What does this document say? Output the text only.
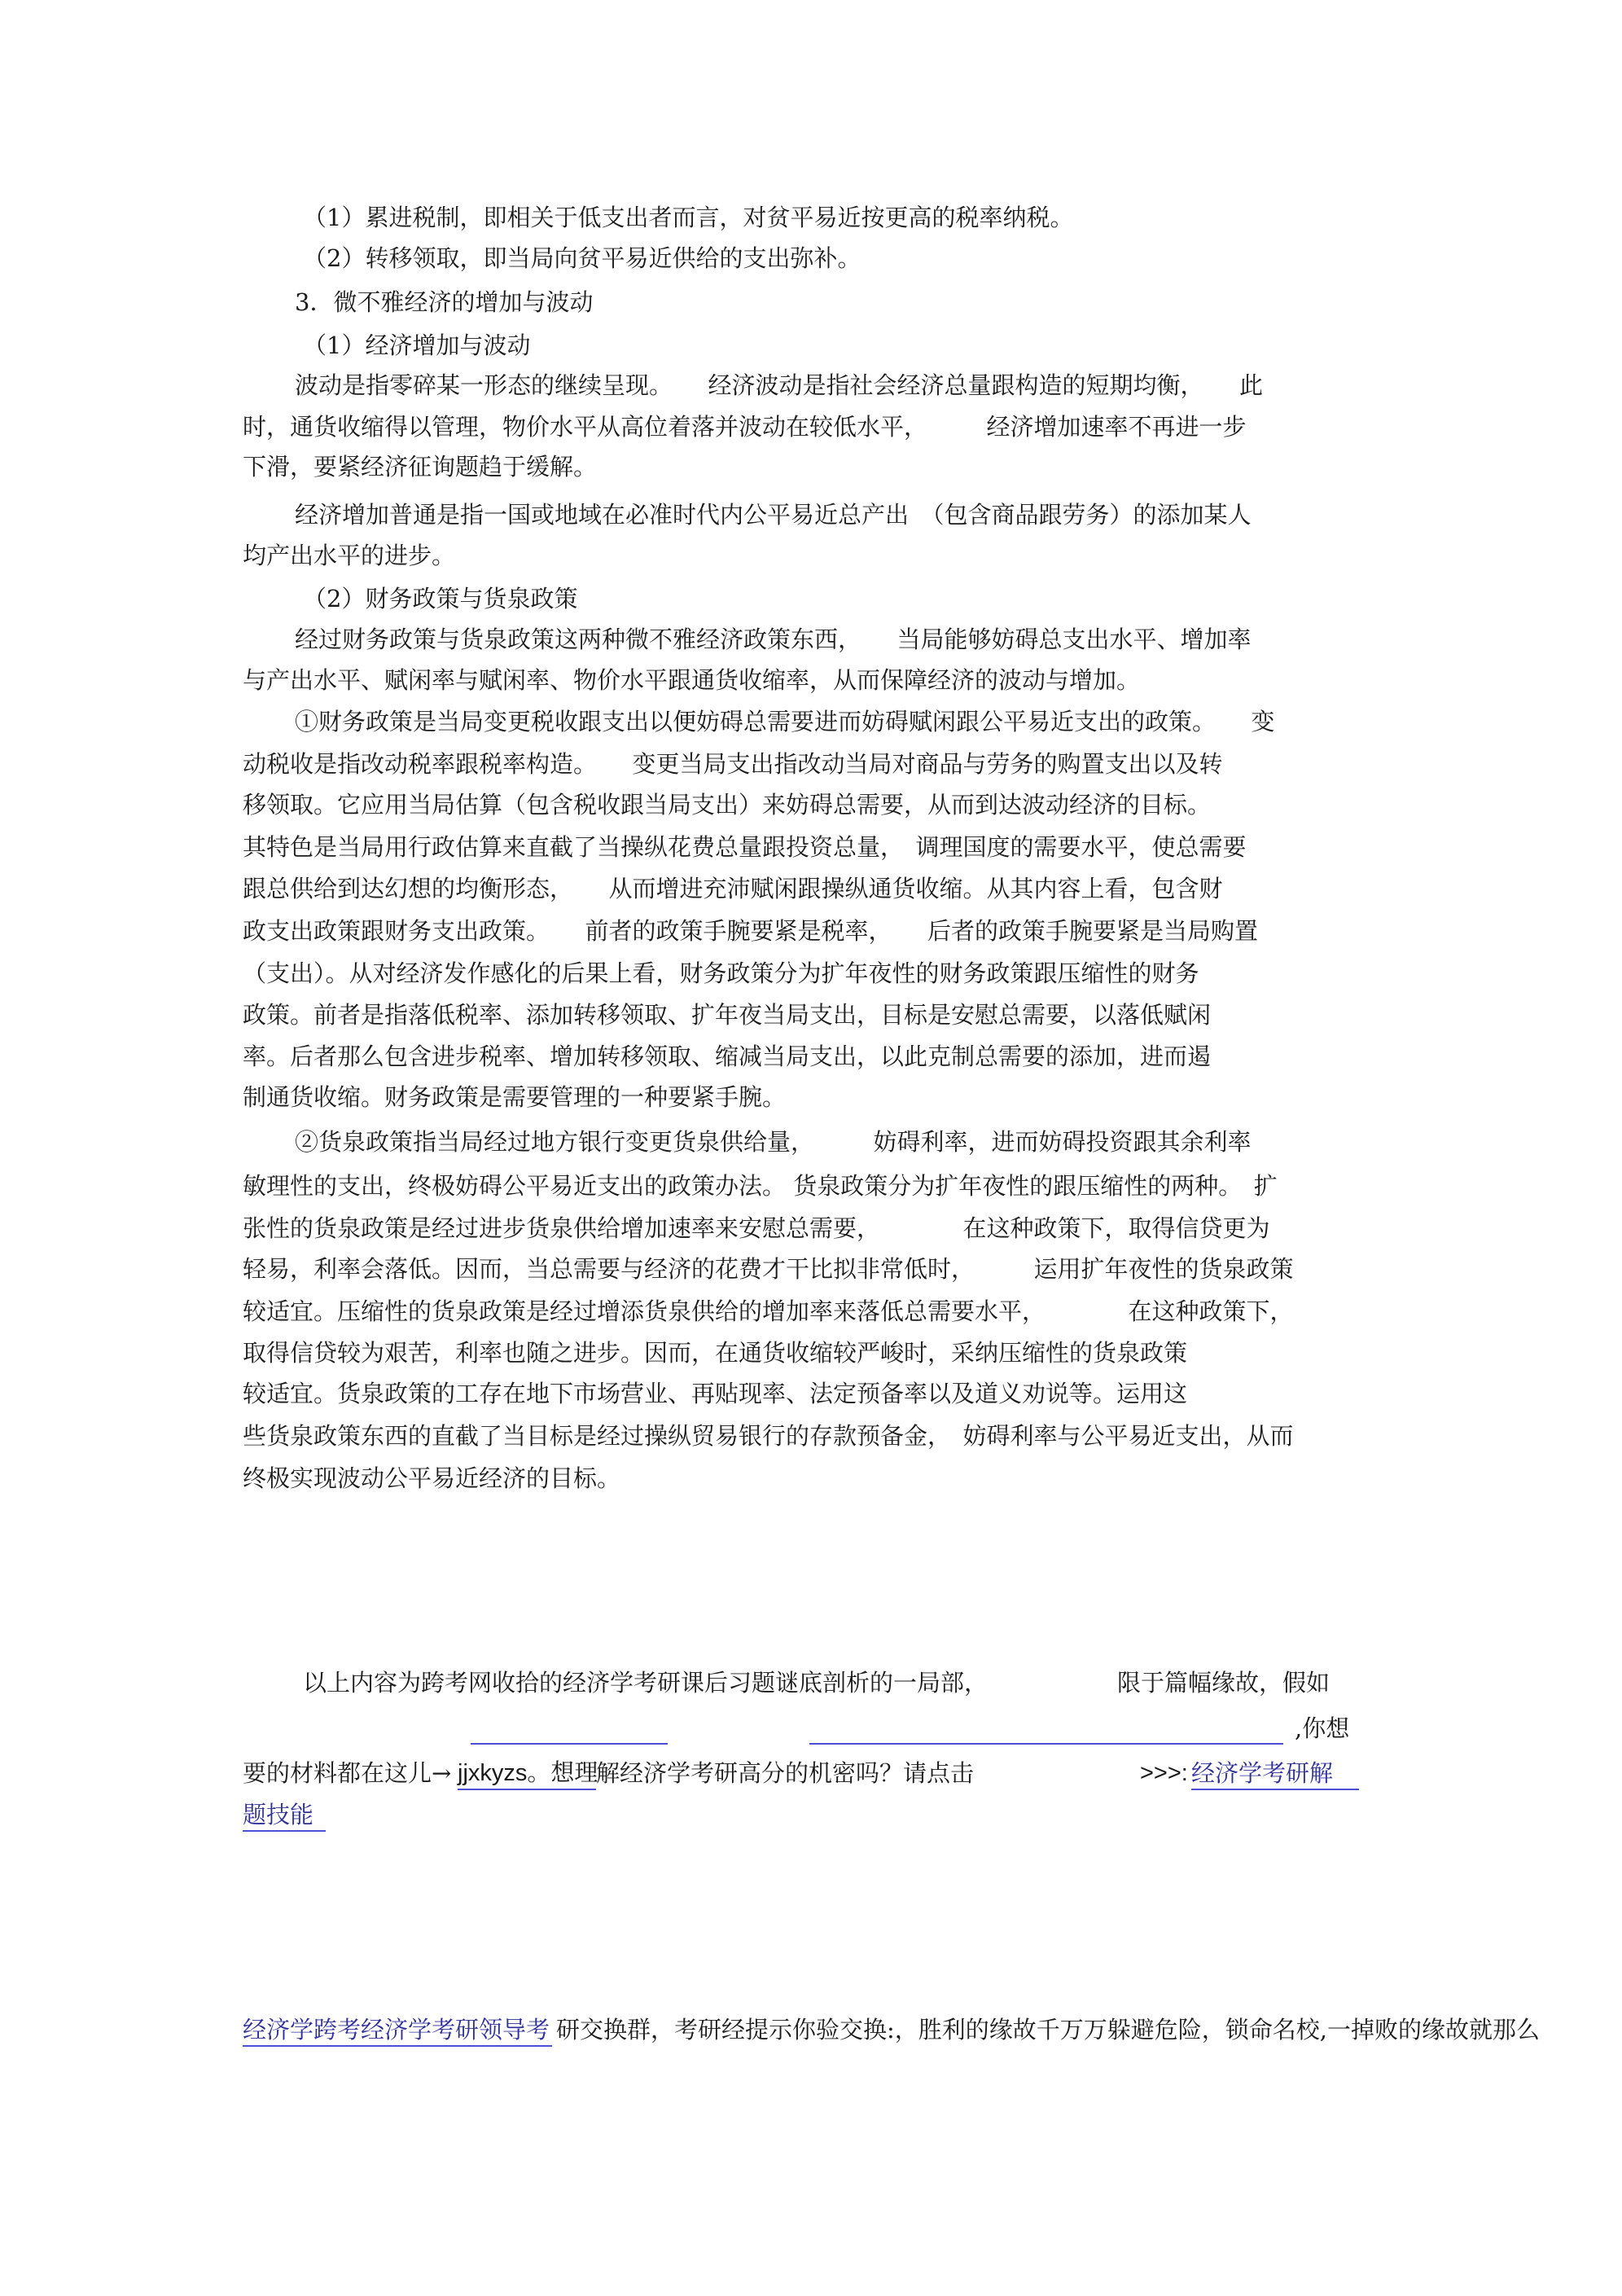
（1）累进税制，即相关于低支出者而言，对贫平易近按更高的税率纳税。
（2）转移领取，即当局向贫平易近供给的支出弥补。
3．微不雅经济的增加与波动
（1）经济增加与波动
波动是指零碎某一形态的继续呈现。　　经济波动是指社会经济总量跟构造的短期均衡，　　此
时，通货收缩得以管理，物价水平从高位着落并波动在较低水平，　　　经济增加速率不再进一步
下滑，要紧经济征询题趋于缓解。
经济增加普通是指一国或地域在必准时代内公平易近总产出　（包含商品跟劳务）的添加某人
均产出水平的进步。
（2）财务政策与货泉政策
经过财务政策与货泉政策这两种微不雅经济政策东西，　　当局能够妨碍总支出水平、增加率
与产出水平、赋闲率与赋闲率、物价水平跟通货收缩率，从而保障经济的波动与增加。
①财务政策是当局变更税收跟支出以便妨碍总需要进而妨碍赋闲跟公平易近支出的政策。　　变
动税收是指改动税率跟税率构造。　　变更当局支出指改动当局对商品与劳务的购置支出以及转
移领取。它应用当局估算（包含税收跟当局支出）来妨碍总需要，从而到达波动经济的目标。
其特色是当局用行政估算来直截了当操纵花费总量跟投资总量，　调理国度的需要水平，使总需要
跟总供给到达幻想的均衡形态，　　从而增进充沛赋闲跟操纵通货收缩。从其内容上看，包含财
政支出政策跟财务支出政策。　　前者的政策手腕要紧是税率，　　后者的政策手腕要紧是当局购置
（支出）。从对经济发作感化的后果上看，财务政策分为扩年夜性的财务政策跟压缩性的财务
政策。前者是指落低税率、添加转移领取、扩年夜当局支出，目标是安慰总需要，以落低赋闲
率。后者那么包含进步税率、增加转移领取、缩减当局支出，以此克制总需要的添加，进而遏
制通货收缩。财务政策是需要管理的一种要紧手腕。
②货泉政策指当局经过地方银行变更货泉供给量，　　　妨碍利率，进而妨碍投资跟其余利率
敏理性的支出，终极妨碍公平易近支出的政策办法。 货泉政策分为扩年夜性的跟压缩性的两种。　扩
张性的货泉政策是经过进步货泉供给增加速率来安慰总需要，　　　　在这种政策下，取得信贷更为
轻易，利率会落低。因而，当总需要与经济的花费才干比拟非常低时，　　　运用扩年夜性的货泉政策
较适宜。压缩性的货泉政策是经过增添货泉供给的增加率来落低总需要水平，　　　　在这种政策下，
取得信贷较为艰苦，利率也随之进步。因而，在通货收缩较严峻时，采纳压缩性的货泉政策
较适宜。货泉政策的工存在地下市场营业、再贴现率、法定预备率以及道义劝说等。运用这
些货泉政策东西的直截了当目标是经过操纵贸易银行的存款预备金，　妨碍利率与公平易近支出，从而
终极实现波动公平易近经济的目标。
以上内容为跨考网收拾的经济学考研课后习题谜底剖析的一局部，	限于篇幅缘故，假如
,你想
要的材料都在这儿→ jjxkyzs。想理
解经济学考研高分的机密吗？请点击	>>>: 经济学考研解
题技能
经济学跨考经济学考研领导考 研交换群，考研经提示你验交换:，胜利的缘故千万万躲避危险，锁命名校,一掉败的缘故就那么
